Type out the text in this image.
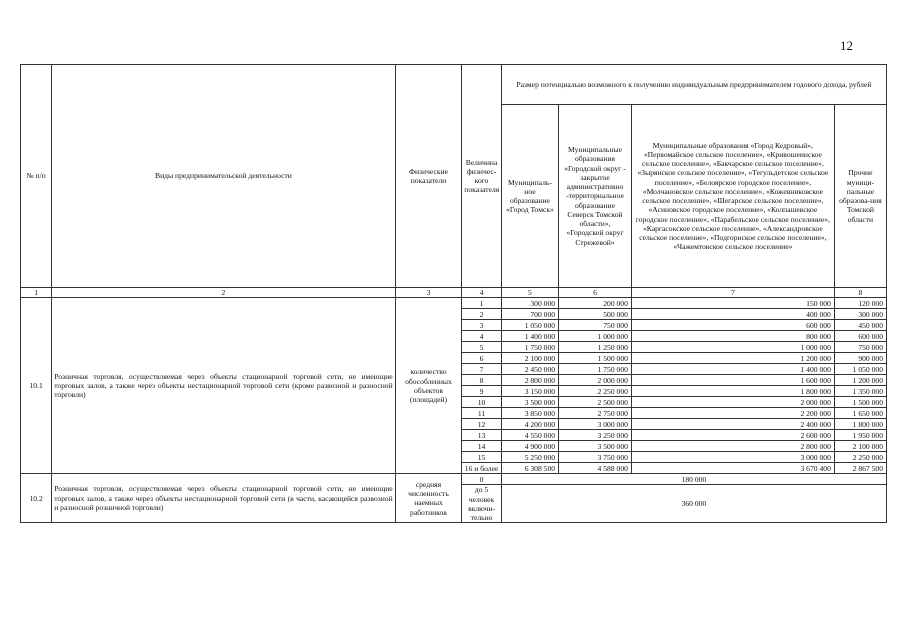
12
№ п/п	Виды предпринимательской деятельности	Физические показатели	Величина физичес-кого показателя	Размер потенциально возможного к получению индивидуальным предпринимателем годового дохода, рублей			
				Муниципаль-ное образование «Город Томск»	Муниципальные образования «Городской округ - закрытое административно -территориальное образование Северск Томской области», «Городской округ Стрежевой»	Муниципальные образования «Город Кедровый», «Первомайское сельское поселение», «Кривошеинское сельское поселение», «Бакчарское сельское поселение», «Зырянское сельское поселение», «Тегульдетское сельское поселение», «Белоярское городское поселение», «Молчановское сельское поселение», «Кожевниковское сельское поселение», «Шегарское сельское поселение», «Асиновское городское поселение», «Колпашевское городское поселение», «Парабельское сельское поселение», «Каргасокское сельское поселение», «Александровское сельское поселение», «Подгорнское сельское поселение», «Чажемтовское сельское поселение»	Прочие муници-пальные образова-ния Томской области
1	2	3	4	5	6	7	8
10.1	Розничная торговля, осуществляемая через объекты стационарной торговой сети, не имеющие торговых залов, а также через объекты нестационарной торговой сети (кроме развозной и разносной торговли)	количество обособленных объектов (площадей)	1	300 000	200 000	150 000	120 000
			2	700 000	500 000	400 000	300 000
			3	1 050 000	750 000	600 000	450 000
			4	1 400 000	1 000 000	800 000	600 000
			5	1 750 000	1 250 000	1 000 000	750 000
			6	2 100 000	1 500 000	1 200 000	900 000
			7	2 450 000	1 750 000	1 400 000	1 050 000
			8	2 800 000	2 000 000	1 600 000	1 200 000
			9	3 150 000	2 250 000	1 800 000	1 350 000
			10	3 500 000	2 500 000	2 000 000	1 500 000
			11	3 850 000	2 750 000	2 200 000	1 650 000
			12	4 200 000	3 000 000	2 400 000	1 800 000
			13	4 550 000	3 250 000	2 600 000	1 950 000
			14	4 900 000	3 500 000	2 800 000	2 100 000
			15	5 250 000	3 750 000	3 000 000	2 250 000
			16 и более	6 308 500	4 588 000	3 670 400	2 867 500
10.2	Розничная торговля, осуществляемая через объекты стационарной торговой сети, не имеющие торговых залов, а также через объекты нестационарной торговой сети (в части, касающейся развозной и разносной розничной торговли)	средняя численность наемных работников	0	180 000			
			до 5 человек включи-тельно	360 000			
